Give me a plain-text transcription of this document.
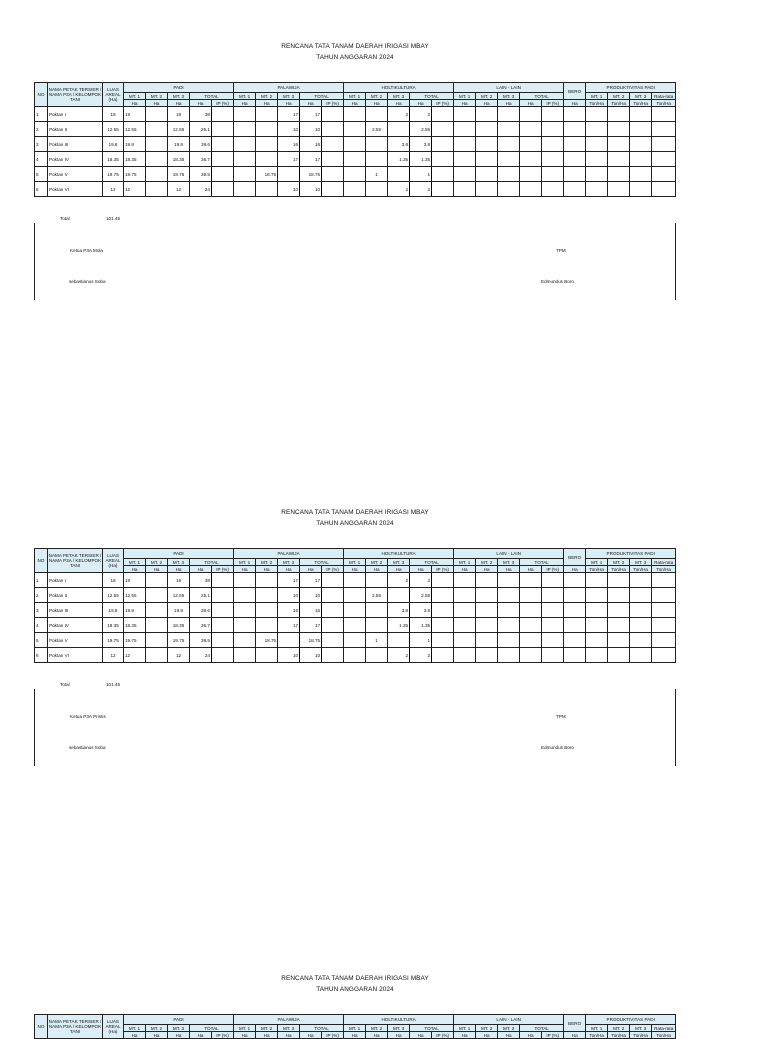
RENCANA TATA TANAM DAERAH IRIGASI MBAY
TAHUN ANGGARAN 2024
NO	NAMA PETAK TERSIER / NAMA P3A / KELOMPOK TANI	LUAS AREAL (Ha)	PADI					PALAWIJA					HOLTIKULTURA					LAIN - LAIN					BERO	PRODUKTIVITAS PADI			
			MT. 1	MT. 2	MT. 3	TOTAL		MT. 1	MT. 2	MT. 3	TOTAL		MT. 1	MT. 2	MT. 3	TOTAL		MT. 1	MT. 2	MT. 3	TOTAL			MT. 1	MT. 2	MT. 3	Rata-rata
			Ha	Ha	Ha	Ha	IP (%)	Ha	Ha	Ha	Ha	IP (%)	Ha	Ha	Ha	Ha	IP (%)	Ha	Ha	Ha	Ha	IP (%)	Ha	Ton/Ha	Ton/Ha	Ton/Ha	Ton/Ha
1	Poktan I	19	19		19	38				17	17				2	2											
2	Poktan II	12.55	12.55		12.55	25.1				10	10			2.55		2.55											
3	Poktan III	19.8	19.8		19.8	39.6				16	16				3.8	3.8											
4	Poktan IV	18.35	18.35		18.35	36.7				17	17				1.35	1.35											
5	Poktan V	19.75	19.75		19.75	39.5			18.75		18.75			1		1											
6	Poktan VI	12	12		12	24				10	10				2	2											
Total	101.45
Ketua P3A Mola	TPM
sebastianus Soba	Edmundus Boro
RENCANA TATA TANAM DAERAH IRIGASI MBAY
TAHUN ANGGARAN 2024
NO	NAMA PETAK TERSIER / NAMA P3A / KELOMPOK TANI	LUAS AREAL (Ha)	PADI					PALAWIJA					HOLTIKULTURA					LAIN - LAIN					BERO	PRODUKTIVITAS PADI			
			MT. 1	MT. 2	MT. 3	TOTAL		MT. 1	MT. 2	MT. 3	TOTAL		MT. 1	MT. 2	MT. 3	TOTAL		MT. 1	MT. 2	MT. 3	TOTAL			MT. 1	MT. 2	MT. 3	Rata-rata
			Ha	Ha	Ha	Ha	IP (%)	Ha	Ha	Ha	Ha	IP (%)	Ha	Ha	Ha	Ha	IP (%)	Ha	Ha	Ha	Ha	IP (%)	Ha	Ton/Ha	Ton/Ha	Ton/Ha	Ton/Ha
1	Poktan I	19	19		19	38				17	17				2	2											
2	Poktan II	12.55	12.55		12.55	25.1				10	10			2.55		2.55											
3	Poktan III	19.8	19.8		19.8	39.6				16	16				3.8	3.8											
4	Poktan IV	18.35	18.35		18.35	36.7				17	17				1.35	1.35											
5	Poktan V	19.75	19.75		19.75	39.5			18.75		18.75			1		1											
6	Poktan VI	12	12		12	24				10	10				2	2											
Total	101.45
Ketua P3A Printis	TPM
sebastianus Soba	Edmundus Boro
RENCANA TATA TANAM DAERAH IRIGASI MBAY
TAHUN ANGGARAN 2024
NO	NAMA PETAK TERSIER / NAMA P3A / KELOMPOK TANI	LUAS AREAL (Ha)	PADI					PALAWIJA					HOLTIKULTURA					LAIN - LAIN					BERO	PRODUKTIVITAS PADI			
			MT. 1	MT. 2	MT. 3	TOTAL		MT. 1	MT. 2	MT. 3	TOTAL		MT. 1	MT. 2	MT. 3	TOTAL		MT. 1	MT. 2	MT. 3	TOTAL			MT. 1	MT. 2	MT. 3	Rata-rata
			Ha	Ha	Ha	Ha	IP (%)	Ha	Ha	Ha	Ha	IP (%)	Ha	Ha	Ha	Ha	IP (%)	Ha	Ha	Ha	Ha	IP (%)	Ha	Ton/Ha	Ton/Ha	Ton/Ha	Ton/Ha
